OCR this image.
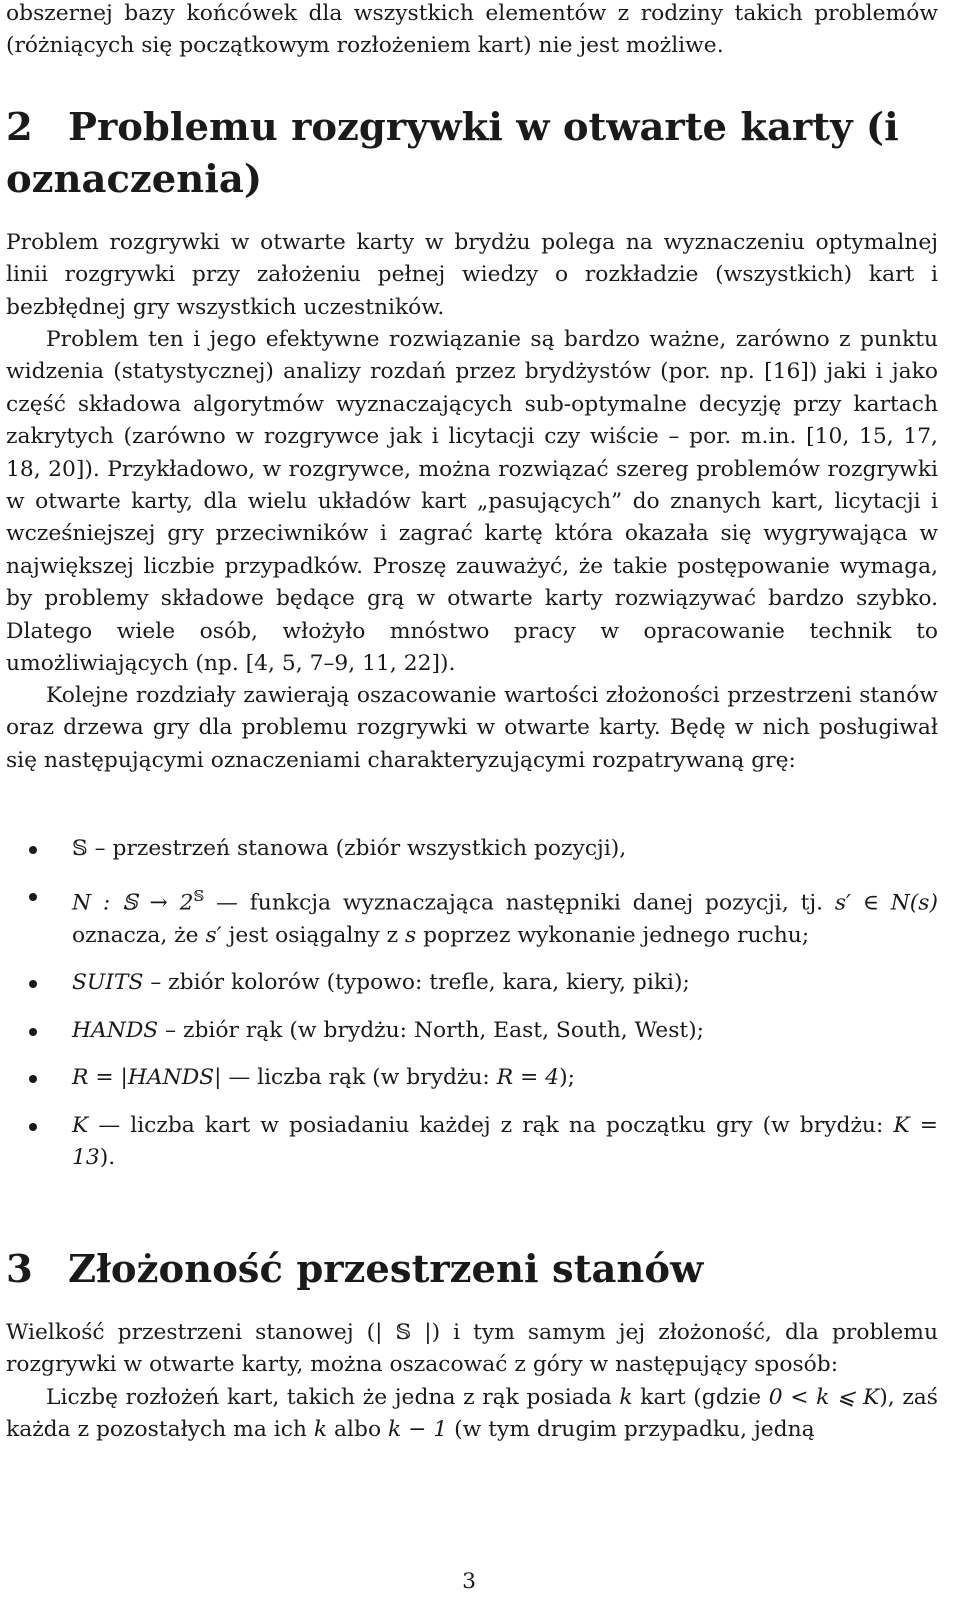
obszernej bazy końcówek dla wszystkich elementów z rodziny takich problemów (różniących się początkowym rozłożeniem kart) nie jest możliwe.

2 Problemu rozgrywki w otwarte karty (i oznaczenia)

Problem rozgrywki w otwarte karty w brydżu polega na wyznaczeniu optymalnej linii rozgrywki przy założeniu pełnej wiedzy o rozkładzie (wszystkich) kart i bezbłędnej gry wszystkich uczestników.

Problem ten i jego efektywne rozwiązanie są bardzo ważne, zarówno z punktu widzenia (statystycznej) analizy rozdań przez brydżystów (por. np. [16]) jaki i jako część składowa algorytmów wyznaczających sub-optymalne decyzję przy kartach zakrytych (zarówno w rozgrywce jak i licytacji czy wiście – por. m.in. [10, 15, 17, 18, 20]). Przykładowo, w rozgrywce, można rozwiązać szereg problemów rozgrywki w otwarte karty, dla wielu układów kart „pasujących” do znanych kart, licytacji i wcześniejszej gry przeciwników i zagrać kartę która okazała się wygrywająca w największej liczbie przypadków. Proszę zauważyć, że takie postępowanie wymaga, by problemy składowe będące grą w otwarte karty rozwiązywać bardzo szybko. Dlatego wiele osób, włożyło mnóstwo pracy w opracowanie technik to umożliwiających (np. [4, 5, 7–9, 11, 22]).

Kolejne rozdziały zawierają oszacowanie wartości złożoności przestrzeni stanów oraz drzewa gry dla problemu rozgrywki w otwarte karty. Będę w nich posługiwał się następującymi oznaczeniami charakteryzującymi rozpatrywaną grę:

𝕊 – przestrzeń stanowa (zbiór wszystkich pozycji),
N : 𝕊 → $2^𝕊$ — funkcja wyznaczająca następniki danej pozycji, tj. s′ ∈ N(s) oznacza, że s′ jest osiągalny z s poprzez wykonanie jednego ruchu;
SUITS – zbiór kolorów (typowo: trefle, kara, kiery, piki);
HANDS – zbiór rąk (w brydżu: North, East, South, West);
R = |HANDS| — liczba rąk (w brydżu: R = 4);
K — liczba kart w posiadaniu każdej z rąk na początku gry (w brydżu: K = 13).
3 Złożoność przestrzeni stanów

Wielkość przestrzeni stanowej (| 𝕊 |) i tym samym jej złożoność, dla problemu rozgrywki w otwarte karty, można oszacować z góry w następujący sposób:

Liczbę rozłożeń kart, takich że jedna z rąk posiada k kart (gdzie 0 < k ⩽ K), zaś każda z pozostałych ma ich k albo k − 1 (w tym drugim przypadku, jedną

3
